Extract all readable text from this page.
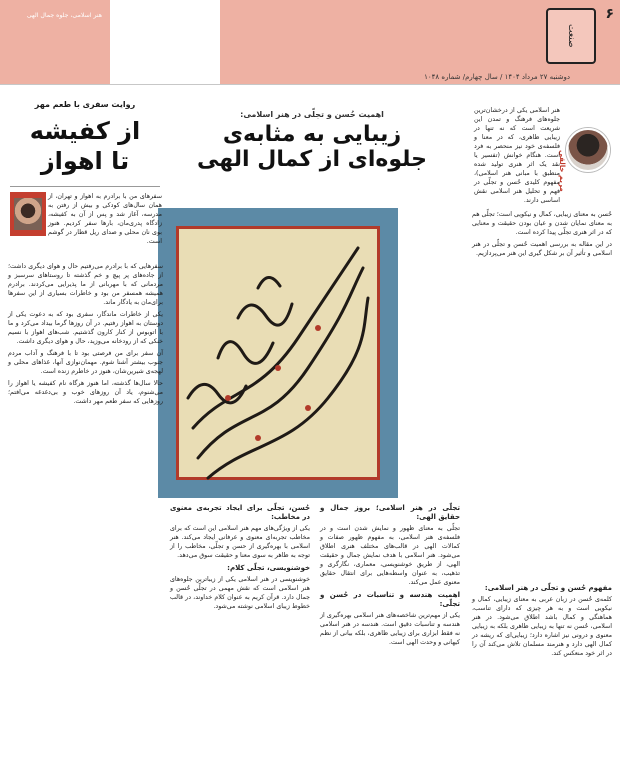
هنر اسلامی، جلوه جمال الهی

صنعت
۶
دوشنبه ۲۷ مرداد ۱۴۰۴ / سال چهارم/ شماره ۱۰۴۸
اهمیت حُسن و تجلّی در هنر اسلامی:
زیبایی به مثابه‌ی
جلوه‌ای از کمال الهی	مریم خالقی

هنر اسلامی یکی از درخشان‌ترین جلوه‌های فرهنگ و تمدن این شریعت است که نه تنها در زیبایی ظاهری، که در معنا و فلسفه‌ی خود نیز منحصر به فرد است. هنگام خوانش (تفسیر یا نقد یک اثر هنری تولید شده منطبق با مبانی هنر اسلامی)، مفهوم کلیدی حُسن و تجلّی در فهم و تحلیل هنر اسلامی نقش اساسی دارند.

حُسن به معنای زیبایی، کمال و نیکویی است؛ تجلّی هم به معنای نمایان شدن و عیان بودن حقیقت و معنایی که در اثر هنری تجلّی پیدا کرده است.

در این مقاله به بررسی اهمیت حُسن و تجلّی در هنر اسلامی و تأثیر آن بر شکل گیری این هنر می‌پردازیم.

مفهوم حُسن و تجلّی در هنر اسلامی:

کلمه‌ی حُسن در زبان عربی به معنای زیبایی، کمال و نیکویی است و به هر چیزی که دارای تناسب، هماهنگی و کمال باشد اطلاق می‌شود. در هنر اسلامی، حُسن نه تنها به زیبایی ظاهری بلکه به زیبایی معنوی و درونی نیز اشاره دارد؛ زیبایی‌ای که ریشه در کمال الهی دارد و هنرمند مسلمان تلاش می‌کند آن را در اثر خود منعکس کند.

تجلّی در هنر اسلامی؛ بروز جمال و حقایق الهی:

تجلّی به معنای ظهور و نمایش شدن است و در فلسفه‌ی هنر اسلامی، به مفهوم ظهور صفات و کمالات الهی در قالب‌های مختلف هنری اطلاق می‌شود. هنر اسلامی با هدف نمایش جمال و حقیقت الهی، از طریق خوشنویسی، معماری، نگارگری و تذهیب، به عنوان واسطه‌هایی برای انتقال حقایق معنوی عمل می‌کند.

اهمیت هندسه و تناسبات در حُسن و تجلّی:

یکی از مهم‌ترین شاخصه‌های هنر اسلامی بهره‌گیری از هندسه و تناسبات دقیق است. هندسه در هنر اسلامی نه فقط ابزاری برای زیبایی ظاهری، بلکه بیانی از نظم کیهانی و وحدت الهی است.

حُسن، تجلّی برای ایجاد تجربه‌ی معنوی در مخاطب:

یکی از ویژگی‌های مهم هنر اسلامی این است که برای مخاطب تجربه‌ای معنوی و عرفانی ایجاد می‌کند. هنر اسلامی با بهره‌گیری از حسن و تجلّی، مخاطب را از توجه به ظاهر به سوی معنا و حقیقت سوق می‌دهد.

خوشنویسی، تجلّی کلام:

خوشنویسی در هنر اسلامی یکی از زیباترین جلوه‌های هنر اسلامی است که نقش مهمی در تجلّی حُسن و جمال دارد. قرآن کریم به عنوان کلام خداوند، در قالب خطوط زیبای اسلامی نوشته می‌شود.

روایت سفری با طعم مهر
از کفیشه
تا اهواز

سفرهای من با برادرم به اهواز و تهران، از همان سال‌های کودکی و بیش از رفتن به مدرسه، آغاز شد و پس از آن به کفیشه، زادگاه پدری‌مان، بارها سفر کردیم. هنوز بوی نان محلی و صدای ریل قطار در گوشم است.

سفرهایی که با برادرم می‌رفتیم حال و هوای دیگری داشت؛ از جاده‌های پر پیچ و خم گذشته تا روستاهای سرسبز و مردمانی که با مهربانی از ما پذیرایی می‌کردند. برادرم همیشه همسفر من بود و خاطرات بسیاری از این سفرها برای‌مان به یادگار ماند.

یکی از خاطرات ماندگار، سفری بود که به دعوت یکی از دوستان به اهواز رفتیم. در آن روزها گرما بیداد می‌کرد و ما با اتوبوس از کنار کارون گذشتیم. شب‌های اهواز با نسیم خنکی که از رودخانه می‌وزید، حال و هوای دیگری داشت.

آن سفر برای من فرصتی بود تا با فرهنگ و آداب مردم جنوب بیشتر آشنا شوم. مهمان‌نوازی آنها، غذاهای محلی و لهجه‌ی شیرین‌شان، هنوز در خاطرم زنده است.

حالا سال‌ها گذشته، اما هنوز هرگاه نام کفیشه یا اهواز را می‌شنوم، یاد آن روزهای خوب و بی‌دغدغه می‌افتم؛ روزهایی که سفر طعم مهر داشت.
